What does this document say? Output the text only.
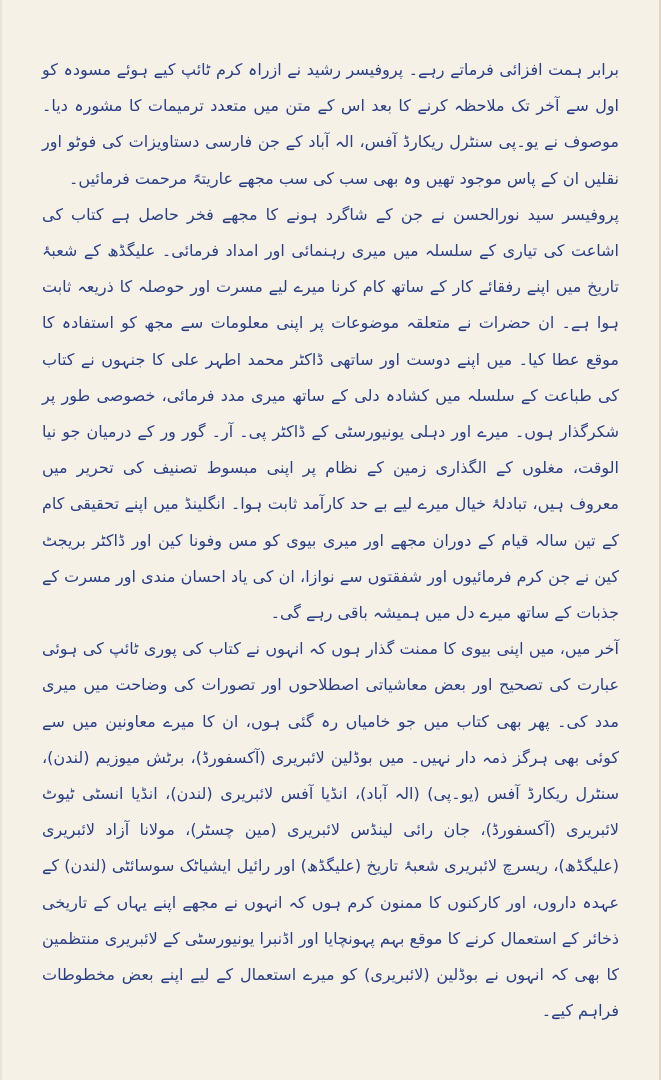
برابر ہمت افزائی فرماتے رہے۔ پروفیسر رشید نے ازراہ کرم ٹائپ کیے ہوئے مسودہ کو اول سے آخر تک ملاحظہ کرنے کا بعد اس کے متن میں متعدد ترمیمات کا مشورہ دیا۔ موصوف نے یو۔پی سنٹرل ریکارڈ آفس، الہ آباد کے جن فارسی دستاویزات کی فوٹو اور نقلیں ان کے پاس موجود تھیں وہ بھی سب کی سب مجھے عاریتہً مرحمت فرمائیں۔

پروفیسر سید نورالحسن نے جن کے شاگرد ہونے کا مجھے فخر حاصل ہے کتاب کی اشاعت کی تیاری کے سلسلہ میں میری رہنمائی اور امداد فرمائی۔ علیگڈھ کے شعبۂ تاریخ میں اپنے رفقائے کار کے ساتھ کام کرنا میرے لیے مسرت اور حوصلہ کا ذریعہ ثابت ہوا ہے۔ ان حضرات نے متعلقہ موضوعات پر اپنی معلومات سے مجھ کو استفادہ کا موقع عطا کیا۔ میں اپنے دوست اور ساتھی ڈاکٹر محمد اطہر علی کا جنہوں نے کتاب کی طباعت کے سلسلہ میں کشادہ دلی کے ساتھ میری مدد فرمائی، خصوصی طور پر شکرگذار ہوں۔ میرے اور دہلی یونیورسٹی کے ڈاکٹر پی۔ آر۔ گور ور کے درمیان جو نیا الوقت، مغلوں کے الگذاری زمین کے نظام پر اپنی مبسوط تصنیف کی تحریر میں معروف ہیں، تبادلۂ خیال میرے لیے بے حد کارآمد ثابت ہوا۔ انگلینڈ میں اپنے تحقیقی کام کے تین سالہ قیام کے دوران مجھے اور میری بیوی کو مس وفونا کین اور ڈاکٹر بریجٹ کین نے جن کرم فرمائیوں اور شفقتوں سے نوازا، ان کی یاد احسان مندی اور مسرت کے جذبات کے ساتھ میرے دل میں ہمیشہ باقی رہے گی۔

آخر میں، میں اپنی بیوی کا ممنت گذار ہوں کہ انہوں نے کتاب کی پوری ٹائپ کی ہوئی عبارت کی تصحیح اور بعض معاشیاتی اصطلاحوں اور تصورات کی وضاحت میں میری مدد کی۔ پھر بھی کتاب میں جو خامیاں رہ گئی ہوں، ان کا میرے معاونین میں سے کوئی بھی ہرگز ذمہ دار نہیں۔ میں بوڈلین لائبریری (آکسفورڈ)، برٹش میوزیم (لندن)، سنٹرل ریکارڈ آفس (یو۔پی) (الہ آباد)، انڈیا آفس لائبریری (لندن)، انڈیا انسٹی ٹیوٹ لائبریری (آکسفورڈ)، جان رائی لینڈس لائبریری (مین چسٹر)، مولانا آزاد لائبریری (علیگڈھ)، ریسرچ لائبریری شعبۂ تاریخ (علیگڈھ) اور رائیل ایشیاٹک سوسائٹی (لندن) کے عہدہ داروں، اور کارکنوں کا ممنون کرم ہوں کہ انہوں نے مجھے اپنے یہاں کے تاریخی ذخائر کے استعمال کرنے کا موقع بہم پہونچایا اور اڈنبرا یونیورسٹی کے لائبریری منتظمین کا بھی کہ انہوں نے بوڈلین (لائبریری) کو میرے استعمال کے لیے اپنے بعض مخطوطات فراہم کیے۔
